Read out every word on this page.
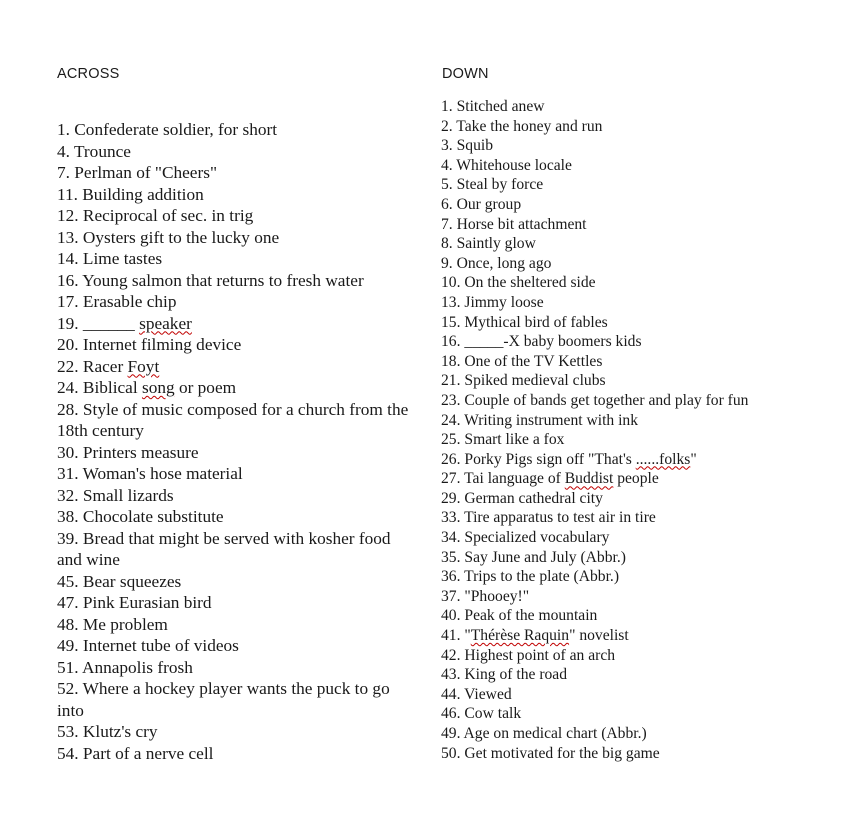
ACROSS	DOWN
1. Confederate soldier, for short
4. Trounce
7. Perlman of "Cheers"
11. Building addition
12. Reciprocal of sec. in trig
13. Oysters gift to the lucky one
14. Lime tastes
16. Young salmon that returns to fresh water
17. Erasable chip
19. ______ speaker
20. Internet filming device
22. Racer Foyt
24. Biblical song or poem
28. Style of music composed for a church from the 18th century
30. Printers measure
31. Woman's hose material
32. Small lizards
38. Chocolate substitute
39. Bread that might be served with kosher food and wine
45. Bear squeezes
47. Pink Eurasian bird
48. Me problem
49. Internet tube of videos
51. Annapolis frosh
52. Where a hockey player wants the puck to go into
53. Klutz's cry
54. Part of a nerve cell
1. Stitched anew
2. Take the honey and run
3. Squib
4. Whitehouse locale
5. Steal by force
6. Our group
7. Horse bit attachment
8. Saintly glow
9. Once, long ago
10. On the sheltered side
13. Jimmy loose
15. Mythical bird of fables
16. _____-X baby boomers kids
18. One of the TV Kettles
21. Spiked medieval clubs
23. Couple of bands get together and play for fun
24. Writing instrument with ink
25. Smart like a fox
26. Porky Pigs sign off "That's ......folks"
27. Tai language of Buddist people
29. German cathedral city
33. Tire apparatus to test air in tire
34. Specialized vocabulary
35. Say June and July (Abbr.)
36. Trips to the plate (Abbr.)
37. "Phooey!"
40. Peak of the mountain
41. "Thérèse Raquin" novelist
42. Highest point of an arch
43. King of the road
44. Viewed
46. Cow talk
49. Age on medical chart (Abbr.)
50. Get motivated for the big game
